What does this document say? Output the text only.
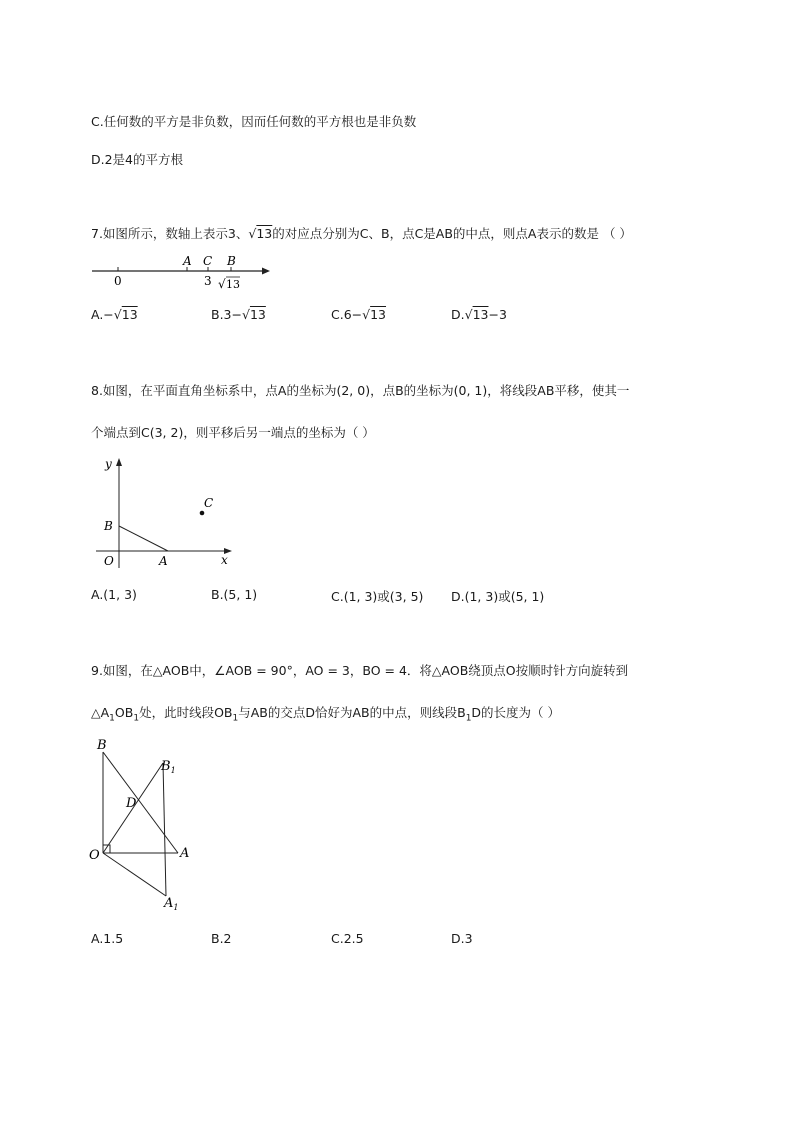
C.任何数的平方是非负数，因而任何数的平方根也是非负数
D.2是4的平方根
7.如图所示，数轴上表示3、√13的对应点分别为C、B，点C是AB的中点，则点A表示的数是 （ ）
A C B
0	3 √ 13
A.−√13	B.3−√13	C.6−√13	D.√13−3
8.如图，在平面直角坐标系中，点A的坐标为(2, 0)，点B的坐标为(0, 1)，将线段AB平移，使其一
个端点到C(3, 2)，则平移后另一端点的坐标为（ ）
y
x
O	A
B
C
A.(1, 3)	B.(5, 1)	C.(1, 3)或(3, 5) D.(1, 3)或(5, 1)
9.如图，在△AOB中，∠AOB = 90°，AO = 3，BO = 4．将△AOB绕顶点O按顺时针方向旋转到
$\triangle A_1OB_1$处，此时线段$OB_1$与AB的交点D恰好为AB的中点，则线段$B_1D$的长度为（ ）
B
$B_1$
D
O	A
$A_1$
A.1.5	B.2	C.2.5	D.3
